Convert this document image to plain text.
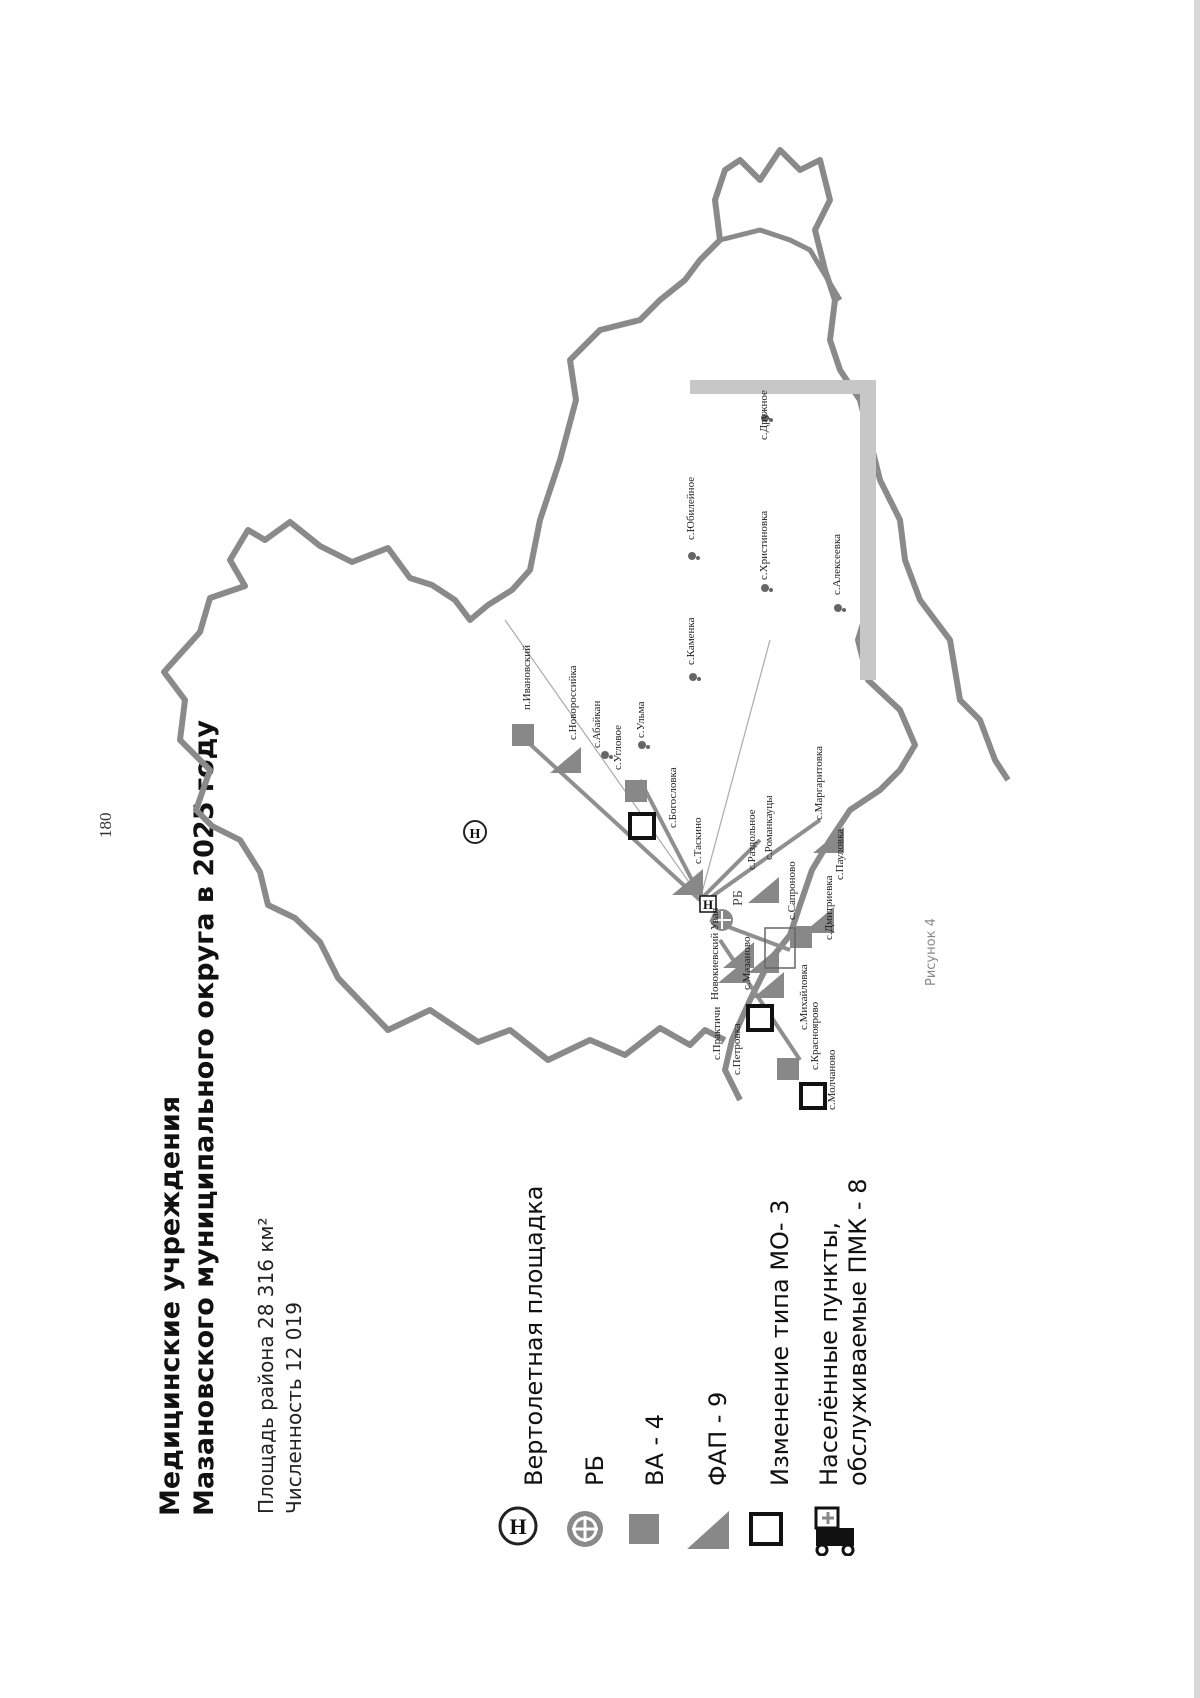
180
Медицинские учреждения Мазановского муниципального округа в 2025 году Площадь района 28 316 км² Численность 12 019	Вертолетная площадка РБ ВА - 4 ФАП - 9 Изменение типа МО- 3 Населённые пункты, обслуживаемые ПМК - 8
H
H
H РБ
п.Ивановский	с.Новороссийка с.Абайкан с.Угловое
с.Ульма
с.Богословка
с.Таскино	с.Раздольное с.Романкауцы
Новокиевский Увал
с.Сапроново с.Дмитриевка
с.Маргаритовка
с.Пауловка
с.Практичи с.Петровка
с.Мазаново
с.Михайловка
с.Красноярово
с.Молчаново
с.Каменка
с.Юбилейное
с.Христиновка
с.Дружное
с.Алексеевка
Рисунок 4
